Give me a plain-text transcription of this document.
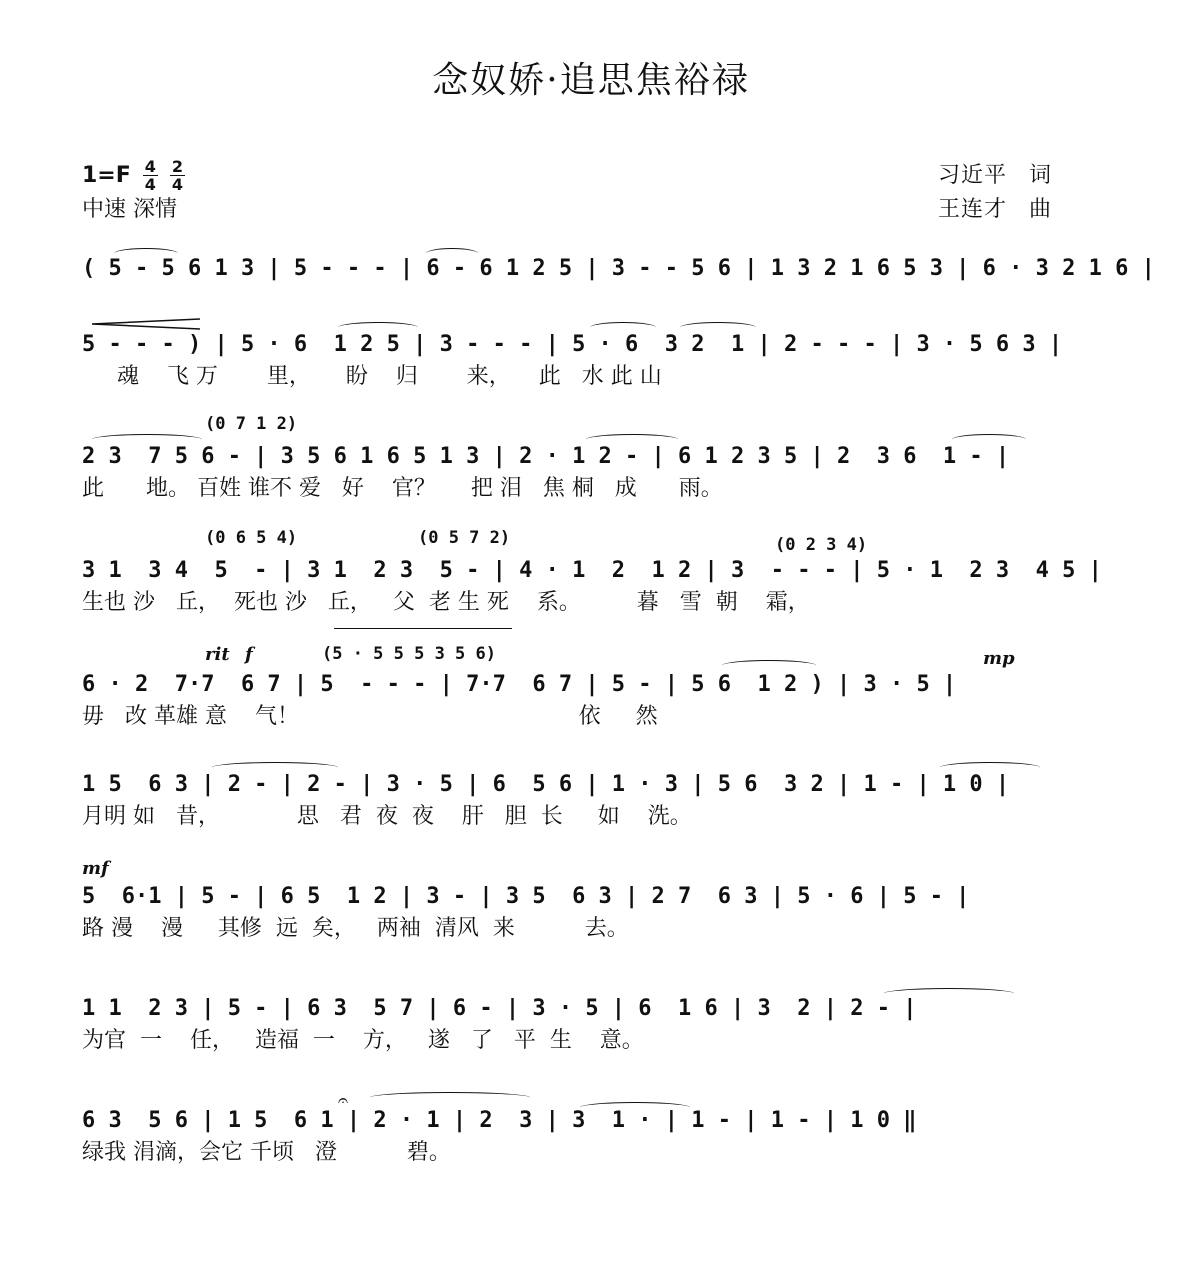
念奴娇·追思焦裕禄
$1=F \frac{4}{4} \frac{2}{4}$
中速 深情
习近平 词
王连才 曲
( 5 - 5 6 1 3 | 5 - - - | 6 - 6 1 2 5 | 3 - - 5 6 | 1 3 2 1 6 5 3 | 6 · 3 2 1 6 |
5 - - - ) | 5 · 6  1 2 5 | 3 - - - | 5 · 6  3 2  1 | 2 - - - | 3 · 5 6 3 |
魂    飞 万       里，     盼    归       来，    此   水 此 山
(0 7 1 2)
2 3  7 5 6 - | 3 5 6 1 6 5 1 3 | 2 · 1 2 - | 6 1 2 3 5 | 2  3 6  1 - |
此      地。 百姓 谁不 爱   好    官？     把 泪   焦 桐   成      雨。
(0 6 5 4)	(0 5 7 2)	(0 2 3 4)
3 1  3 4  5  - | 3 1  2 3  5 - | 4 · 1  2  1 2 | 3  - - - | 5 · 1  2 3  4 5 |
生也 沙   丘，  死也 沙   丘，   父  老 生 死    系。        暮   雪  朝    霜，
rit f	(5 · 5 5 5 3 5 6)	mp
6 · 2  7·7  6 7 | 5  - - - | 7·7  6 7 | 5 - | 5 6  1 2 ) | 3 · 5 |
毋   改 革雄 意    气！                                        依     然
1 5  6 3 | 2 - | 2 - | 3 · 5 | 6  5 6 | 1 · 3 | 5 6  3 2 | 1 - | 1 0 |
月明 如   昔，           思   君  夜  夜    肝   胆  长     如    洗。
mf
5  6·1 | 5 - | 6 5  1 2 | 3 - | 3 5  6 3 | 2 7  6 3 | 5 · 6 | 5 - |
路 漫    漫     其修  远  矣，   两袖  清风  来          去。
1 1  2 3 | 5 - | 6 3  5 7 | 6 - | 3 · 5 | 6  1 6 | 3  2 | 2 - |
为官  一    任，   造福  一    方，   遂   了   平  生    意。
𝄐
6 3  5 6 | 1 5  6 1 | 2 · 1 | 2  3 | 3  1 · | 1 - | 1 - | 1 0 ‖
绿我 涓滴，会它 千顷   澄          碧。
